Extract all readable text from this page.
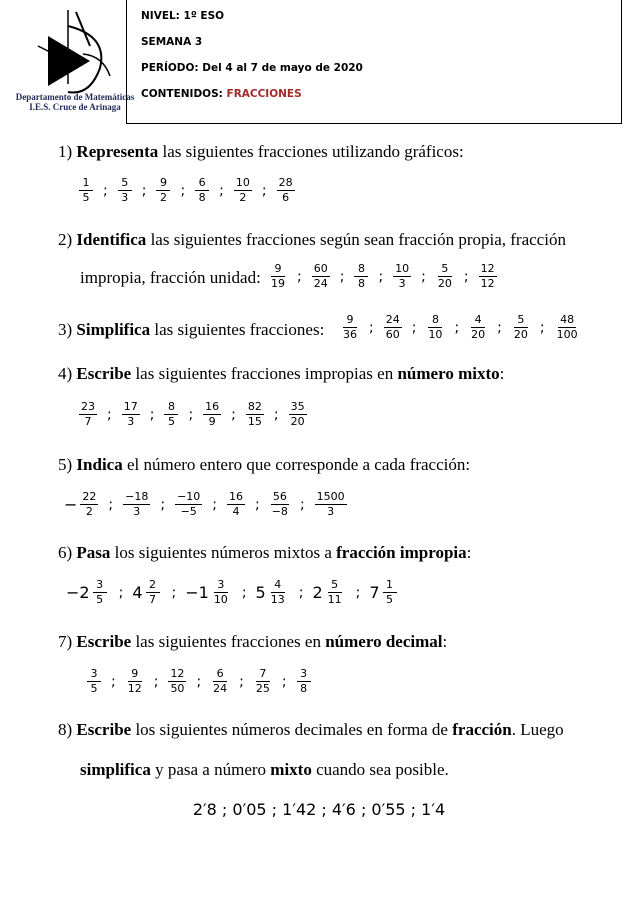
Departamento de Matemáticas
I.E.S. Cruce de Arinaga
NIVEL: 1º ESO
SEMANA 3
PERÍODO: Del 4 al 7 de mayo de 2020
CONTENIDOS: FRACCIONES
1) Representa las siguientes fracciones utilizando gráficos:
$\frac{1}{5}$ ; $\frac{5}{3}$ ; $\frac{9}{2}$ ; $\frac{6}{8}$ ; $\frac{10}{2}$ ; $\frac{28}{6}$
2) Identifica las siguientes fracciones según sean fracción propia, fracción
impropia, fracción unidad: $\frac{9}{19}$ ; $\frac{60}{24}$ ; $\frac{8}{8}$ ; $\frac{10}{3}$ ; $\frac{5}{20}$ ; $\frac{12}{12}$
3) Simplifica las siguientes fracciones: $\frac{9}{36}$ ; $\frac{24}{60}$ ; $\frac{8}{10}$ ; $\frac{4}{20}$ ; $\frac{5}{20}$ ; $\frac{48}{100}$
4) Escribe las siguientes fracciones impropias en número mixto:
$\frac{23}{7}$ ; $\frac{17}{3}$ ; $\frac{8}{5}$ ; $\frac{16}{9}$ ; $\frac{82}{15}$ ; $\frac{35}{20}$
5) Indica el número entero que corresponde a cada fracción:
− $\frac{22}{2}$ ; $\frac{-18}{3}$ ; $\frac{-10}{-5}$ ; $\frac{16}{4}$ ; $\frac{56}{-8}$ ; $\frac{1500}{3}$
6) Pasa los siguientes números mixtos a fracción impropia:
$-2 \frac{3}{5}$ ; $4 \frac{2}{7}$ ; $-1 \frac{3}{10}$ ; $5 \frac{4}{13}$ ; $2 \frac{5}{11}$ ; $7 \frac{1}{5}$
7) Escribe las siguientes fracciones en número decimal:
$\frac{3}{5}$ ; $\frac{9}{12}$ ; $\frac{12}{50}$ ; $\frac{6}{24}$ ; $\frac{7}{25}$ ; $\frac{3}{8}$
8) Escribe los siguientes números decimales en forma de fracción. Luego
simplifica y pasa a número mixto cuando sea posible.
2′8 ; 0′05 ; 1′42 ; 4′6 ; 0′55 ; 1′4
